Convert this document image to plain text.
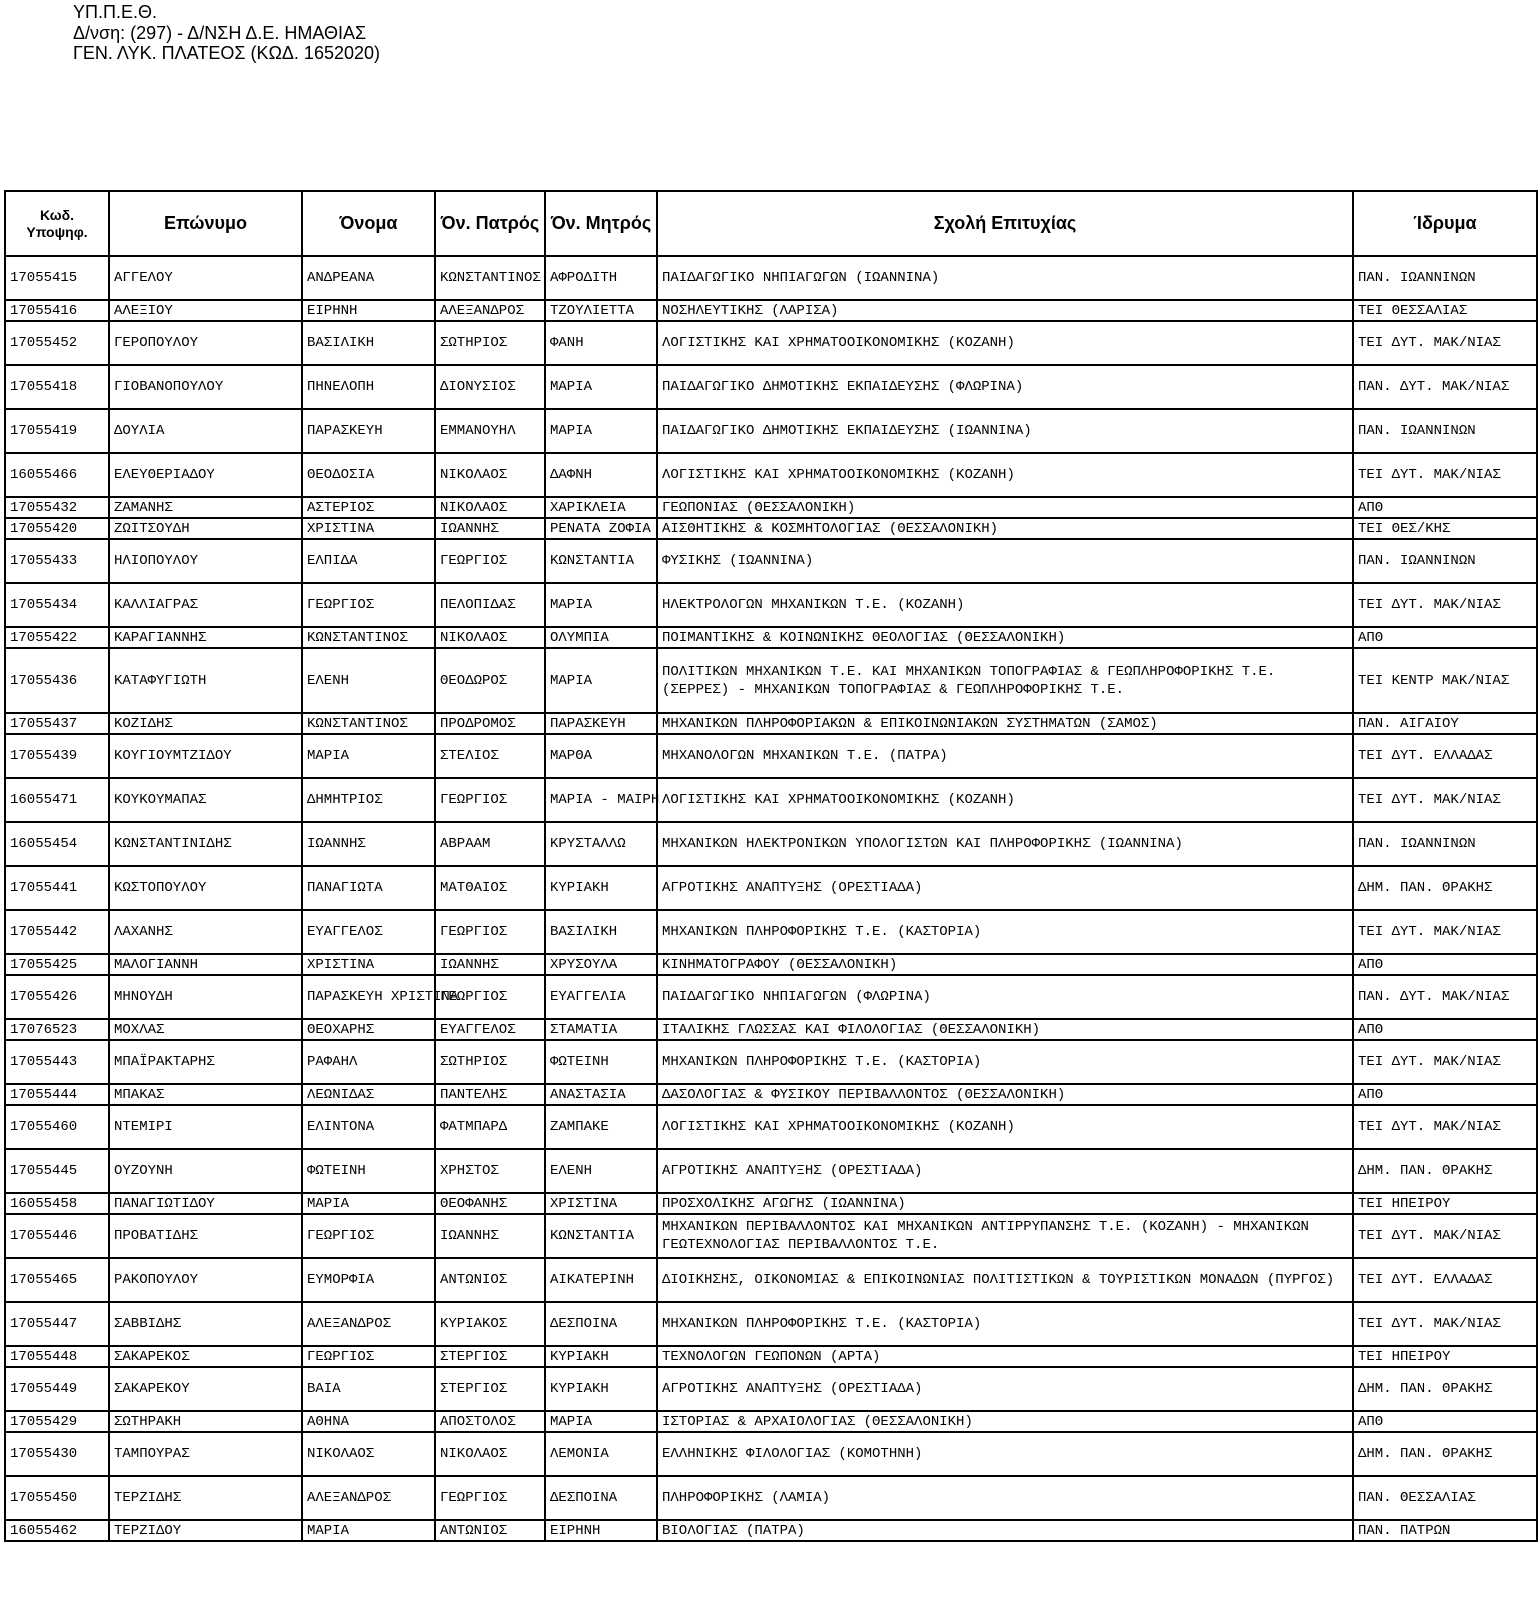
ΥΠ.Π.Ε.Θ.
Δ/νση: (297) - Δ/ΝΣΗ Δ.Ε. ΗΜΑΘΙΑΣ
ΓΕΝ. ΛΥΚ. ΠΛΑΤΕΟΣ (ΚΩΔ. 1652020)
Κωδ. Υποψηφ.	Επώνυμο	Όνομα	Όν. Πατρός	Όν. Μητρός	Σχολή Επιτυχίας	Ίδρυμα
17055415	ΑΓΓΕΛΟΥ	ΑΝΔΡΕΑΝΑ	ΚΩΝΣΤΑΝΤΙΝΟΣ	ΑΦΡΟΔΙΤΗ	ΠΑΙΔΑΓΩΓΙΚΟ ΝΗΠΙΑΓΩΓΩΝ (ΙΩΑΝΝΙΝΑ)	ΠΑΝ. ΙΩΑΝΝΙΝΩΝ
17055416	ΑΛΕΞΙΟΥ	ΕΙΡΗΝΗ	ΑΛΕΞΑΝΔΡΟΣ	ΤΖΟΥΛΙΕΤΤΑ	ΝΟΣΗΛΕΥΤΙΚΗΣ (ΛΑΡΙΣΑ)	ΤΕΙ ΘΕΣΣΑΛΙΑΣ
17055452	ΓΕΡΟΠΟΥΛΟΥ	ΒΑΣΙΛΙΚΗ	ΣΩΤΗΡΙΟΣ	ΦΑΝΗ	ΛΟΓΙΣΤΙΚΗΣ ΚΑΙ ΧΡΗΜΑΤΟΟΙΚΟΝΟΜΙΚΗΣ (ΚΟΖΑΝΗ)	ΤΕΙ ΔΥΤ. ΜΑΚ/ΝΙΑΣ
17055418	ΓΙΟΒΑΝΟΠΟΥΛΟΥ	ΠΗΝΕΛΟΠΗ	ΔΙΟΝΥΣΙΟΣ	ΜΑΡΙΑ	ΠΑΙΔΑΓΩΓΙΚΟ ΔΗΜΟΤΙΚΗΣ ΕΚΠΑΙΔΕΥΣΗΣ (ΦΛΩΡΙΝΑ)	ΠΑΝ. ΔΥΤ. ΜΑΚ/ΝΙΑΣ
17055419	ΔΟΥΛΙΑ	ΠΑΡΑΣΚΕΥΗ	ΕΜΜΑΝΟΥΗΛ	ΜΑΡΙΑ	ΠΑΙΔΑΓΩΓΙΚΟ ΔΗΜΟΤΙΚΗΣ ΕΚΠΑΙΔΕΥΣΗΣ (ΙΩΑΝΝΙΝΑ)	ΠΑΝ. ΙΩΑΝΝΙΝΩΝ
16055466	ΕΛΕΥΘΕΡΙΑΔΟΥ	ΘΕΟΔΟΣΙΑ	ΝΙΚΟΛΑΟΣ	ΔΑΦΝΗ	ΛΟΓΙΣΤΙΚΗΣ ΚΑΙ ΧΡΗΜΑΤΟΟΙΚΟΝΟΜΙΚΗΣ (ΚΟΖΑΝΗ)	ΤΕΙ ΔΥΤ. ΜΑΚ/ΝΙΑΣ
17055432	ΖΑΜΑΝΗΣ	ΑΣΤΕΡΙΟΣ	ΝΙΚΟΛΑΟΣ	ΧΑΡΙΚΛΕΙΑ	ΓΕΩΠΟΝΙΑΣ (ΘΕΣΣΑΛΟΝΙΚΗ)	ΑΠΘ
17055420	ΖΩΙΤΣΟΥΔΗ	ΧΡΙΣΤΙΝΑ	ΙΩΑΝΝΗΣ	ΡΕΝΑΤΑ ΖΟΦΙΑ	ΑΙΣΘΗΤΙΚΗΣ & ΚΟΣΜΗΤΟΛΟΓΙΑΣ (ΘΕΣΣΑΛΟΝΙΚΗ)	ΤΕΙ ΘΕΣ/ΚΗΣ
17055433	ΗΛΙΟΠΟΥΛΟΥ	ΕΛΠΙΔΑ	ΓΕΩΡΓΙΟΣ	ΚΩΝΣΤΑΝΤΙΑ	ΦΥΣΙΚΗΣ (ΙΩΑΝΝΙΝΑ)	ΠΑΝ. ΙΩΑΝΝΙΝΩΝ
17055434	ΚΑΛΛΙΑΓΡΑΣ	ΓΕΩΡΓΙΟΣ	ΠΕΛΟΠΙΔΑΣ	ΜΑΡΙΑ	ΗΛΕΚΤΡΟΛΟΓΩΝ ΜΗΧΑΝΙΚΩΝ Τ.Ε. (ΚΟΖΑΝΗ)	ΤΕΙ ΔΥΤ. ΜΑΚ/ΝΙΑΣ
17055422	ΚΑΡΑΓΙΑΝΝΗΣ	ΚΩΝΣΤΑΝΤΙΝΟΣ	ΝΙΚΟΛΑΟΣ	ΟΛΥΜΠΙΑ	ΠΟΙΜΑΝΤΙΚΗΣ & ΚΟΙΝΩΝΙΚΗΣ ΘΕΟΛΟΓΙΑΣ (ΘΕΣΣΑΛΟΝΙΚΗ)	ΑΠΘ
17055436	ΚΑΤΑΦΥΓΙΩΤΗ	ΕΛΕΝΗ	ΘΕΟΔΩΡΟΣ	ΜΑΡΙΑ	ΠΟΛΙΤΙΚΩΝ ΜΗΧΑΝΙΚΩΝ Τ.Ε. ΚΑΙ ΜΗΧΑΝΙΚΩΝ ΤΟΠΟΓΡΑΦΙΑΣ & ΓΕΩΠΛΗΡΟΦΟΡΙΚΗΣ Τ.Ε. (ΣΕΡΡΕΣ) - ΜΗΧΑΝΙΚΩΝ ΤΟΠΟΓΡΑΦΙΑΣ & ΓΕΩΠΛΗΡΟΦΟΡΙΚΗΣ Τ.Ε.	ΤΕΙ ΚΕΝΤΡ ΜΑΚ/ΝΙΑΣ
17055437	ΚΟΖΙΔΗΣ	ΚΩΝΣΤΑΝΤΙΝΟΣ	ΠΡΟΔΡΟΜΟΣ	ΠΑΡΑΣΚΕΥΗ	ΜΗΧΑΝΙΚΩΝ ΠΛΗΡΟΦΟΡΙΑΚΩΝ & ΕΠΙΚΟΙΝΩΝΙΑΚΩΝ ΣΥΣΤΗΜΑΤΩΝ (ΣΑΜΟΣ)	ΠΑΝ. ΑΙΓΑΙΟΥ
17055439	ΚΟΥΓΙΟΥΜΤΖΙΔΟΥ	ΜΑΡΙΑ	ΣΤΕΛΙΟΣ	ΜΑΡΘΑ	ΜΗΧΑΝΟΛΟΓΩΝ ΜΗΧΑΝΙΚΩΝ Τ.Ε. (ΠΑΤΡΑ)	ΤΕΙ ΔΥΤ. ΕΛΛΑΔΑΣ
16055471	ΚΟΥΚΟΥΜΑΠΑΣ	ΔΗΜΗΤΡΙΟΣ	ΓΕΩΡΓΙΟΣ	ΜΑΡΙΑ - ΜΑΙΡΗ	ΛΟΓΙΣΤΙΚΗΣ ΚΑΙ ΧΡΗΜΑΤΟΟΙΚΟΝΟΜΙΚΗΣ (ΚΟΖΑΝΗ)	ΤΕΙ ΔΥΤ. ΜΑΚ/ΝΙΑΣ
16055454	ΚΩΝΣΤΑΝΤΙΝΙΔΗΣ	ΙΩΑΝΝΗΣ	ΑΒΡΑΑΜ	ΚΡΥΣΤΑΛΛΩ	ΜΗΧΑΝΙΚΩΝ ΗΛΕΚΤΡΟΝΙΚΩΝ ΥΠΟΛΟΓΙΣΤΩΝ ΚΑΙ ΠΛΗΡΟΦΟΡΙΚΗΣ (ΙΩΑΝΝΙΝΑ)	ΠΑΝ. ΙΩΑΝΝΙΝΩΝ
17055441	ΚΩΣΤΟΠΟΥΛΟΥ	ΠΑΝΑΓΙΩΤΑ	ΜΑΤΘΑΙΟΣ	ΚΥΡΙΑΚΗ	ΑΓΡΟΤΙΚΗΣ ΑΝΑΠΤΥΞΗΣ (ΟΡΕΣΤΙΑΔΑ)	ΔΗΜ. ΠΑΝ. ΘΡΑΚΗΣ
17055442	ΛΑΧΑΝΗΣ	ΕΥΑΓΓΕΛΟΣ	ΓΕΩΡΓΙΟΣ	ΒΑΣΙΛΙΚΗ	ΜΗΧΑΝΙΚΩΝ ΠΛΗΡΟΦΟΡΙΚΗΣ Τ.Ε. (ΚΑΣΤΟΡΙΑ)	ΤΕΙ ΔΥΤ. ΜΑΚ/ΝΙΑΣ
17055425	ΜΑΛΟΓΙΑΝΝΗ	ΧΡΙΣΤΙΝΑ	ΙΩΑΝΝΗΣ	ΧΡΥΣΟΥΛΑ	ΚΙΝΗΜΑΤΟΓΡΑΦΟΥ (ΘΕΣΣΑΛΟΝΙΚΗ)	ΑΠΘ
17055426	ΜΗΝΟΥΔΗ	ΠΑΡΑΣΚΕΥΗ ΧΡΙΣΤΙΝΑ	ΓΕΩΡΓΙΟΣ	ΕΥΑΓΓΕΛΙΑ	ΠΑΙΔΑΓΩΓΙΚΟ ΝΗΠΙΑΓΩΓΩΝ (ΦΛΩΡΙΝΑ)	ΠΑΝ. ΔΥΤ. ΜΑΚ/ΝΙΑΣ
17076523	ΜΟΧΛΑΣ	ΘΕΟΧΑΡΗΣ	ΕΥΑΓΓΕΛΟΣ	ΣΤΑΜΑΤΙΑ	ΙΤΑΛΙΚΗΣ ΓΛΩΣΣΑΣ ΚΑΙ ΦΙΛΟΛΟΓΙΑΣ (ΘΕΣΣΑΛΟΝΙΚΗ)	ΑΠΘ
17055443	ΜΠΑΪΡΑΚΤΑΡΗΣ	ΡΑΦΑΗΛ	ΣΩΤΗΡΙΟΣ	ΦΩΤΕΙΝΗ	ΜΗΧΑΝΙΚΩΝ ΠΛΗΡΟΦΟΡΙΚΗΣ Τ.Ε. (ΚΑΣΤΟΡΙΑ)	ΤΕΙ ΔΥΤ. ΜΑΚ/ΝΙΑΣ
17055444	ΜΠΑΚΑΣ	ΛΕΩΝΙΔΑΣ	ΠΑΝΤΕΛΗΣ	ΑΝΑΣΤΑΣΙΑ	ΔΑΣΟΛΟΓΙΑΣ & ΦΥΣΙΚΟΥ ΠΕΡΙΒΑΛΛΟΝΤΟΣ (ΘΕΣΣΑΛΟΝΙΚΗ)	ΑΠΘ
17055460	ΝΤΕΜΙΡΙ	ΕΛΙΝΤΟΝΑ	ΦΑΤΜΠΑΡΔ	ΖΑΜΠΑΚΕ	ΛΟΓΙΣΤΙΚΗΣ ΚΑΙ ΧΡΗΜΑΤΟΟΙΚΟΝΟΜΙΚΗΣ (ΚΟΖΑΝΗ)	ΤΕΙ ΔΥΤ. ΜΑΚ/ΝΙΑΣ
17055445	ΟΥΖΟΥΝΗ	ΦΩΤΕΙΝΗ	ΧΡΗΣΤΟΣ	ΕΛΕΝΗ	ΑΓΡΟΤΙΚΗΣ ΑΝΑΠΤΥΞΗΣ (ΟΡΕΣΤΙΑΔΑ)	ΔΗΜ. ΠΑΝ. ΘΡΑΚΗΣ
16055458	ΠΑΝΑΓΙΩΤΙΔΟΥ	ΜΑΡΙΑ	ΘΕΟΦΑΝΗΣ	ΧΡΙΣΤΙΝΑ	ΠΡΟΣΧΟΛΙΚΗΣ ΑΓΩΓΗΣ (ΙΩΑΝΝΙΝΑ)	ΤΕΙ ΗΠΕΙΡΟΥ
17055446	ΠΡΟΒΑΤΙΔΗΣ	ΓΕΩΡΓΙΟΣ	ΙΩΑΝΝΗΣ	ΚΩΝΣΤΑΝΤΙΑ	ΜΗΧΑΝΙΚΩΝ ΠΕΡΙΒΑΛΛΟΝΤΟΣ ΚΑΙ ΜΗΧΑΝΙΚΩΝ ΑΝΤΙΡΡΥΠΑΝΣΗΣ Τ.Ε. (ΚΟΖΑΝΗ) - ΜΗΧΑΝΙΚΩΝ ΓΕΩΤΕΧΝΟΛΟΓΙΑΣ ΠΕΡΙΒΑΛΛΟΝΤΟΣ Τ.Ε.	ΤΕΙ ΔΥΤ. ΜΑΚ/ΝΙΑΣ
17055465	ΡΑΚΟΠΟΥΛΟΥ	ΕΥΜΟΡΦΙΑ	ΑΝΤΩΝΙΟΣ	ΑΙΚΑΤΕΡΙΝΗ	ΔΙΟΙΚΗΣΗΣ, ΟΙΚΟΝΟΜΙΑΣ & ΕΠΙΚΟΙΝΩΝΙΑΣ ΠΟΛΙΤΙΣΤΙΚΩΝ & ΤΟΥΡΙΣΤΙΚΩΝ ΜΟΝΑΔΩΝ (ΠΥΡΓΟΣ)	ΤΕΙ ΔΥΤ. ΕΛΛΑΔΑΣ
17055447	ΣΑΒΒΙΔΗΣ	ΑΛΕΞΑΝΔΡΟΣ	ΚΥΡΙΑΚΟΣ	ΔΕΣΠΟΙΝΑ	ΜΗΧΑΝΙΚΩΝ ΠΛΗΡΟΦΟΡΙΚΗΣ Τ.Ε. (ΚΑΣΤΟΡΙΑ)	ΤΕΙ ΔΥΤ. ΜΑΚ/ΝΙΑΣ
17055448	ΣΑΚΑΡΕΚΟΣ	ΓΕΩΡΓΙΟΣ	ΣΤΕΡΓΙΟΣ	ΚΥΡΙΑΚΗ	ΤΕΧΝΟΛΟΓΩΝ ΓΕΩΠΟΝΩΝ (ΑΡΤΑ)	ΤΕΙ ΗΠΕΙΡΟΥ
17055449	ΣΑΚΑΡΕΚΟΥ	ΒΑΙΑ	ΣΤΕΡΓΙΟΣ	ΚΥΡΙΑΚΗ	ΑΓΡΟΤΙΚΗΣ ΑΝΑΠΤΥΞΗΣ (ΟΡΕΣΤΙΑΔΑ)	ΔΗΜ. ΠΑΝ. ΘΡΑΚΗΣ
17055429	ΣΩΤΗΡΑΚΗ	ΑΘΗΝΑ	ΑΠΟΣΤΟΛΟΣ	ΜΑΡΙΑ	ΙΣΤΟΡΙΑΣ & ΑΡΧΑΙΟΛΟΓΙΑΣ (ΘΕΣΣΑΛΟΝΙΚΗ)	ΑΠΘ
17055430	ΤΑΜΠΟΥΡΑΣ	ΝΙΚΟΛΑΟΣ	ΝΙΚΟΛΑΟΣ	ΛΕΜΟΝΙΑ	ΕΛΛΗΝΙΚΗΣ ΦΙΛΟΛΟΓΙΑΣ (ΚΟΜΟΤΗΝΗ)	ΔΗΜ. ΠΑΝ. ΘΡΑΚΗΣ
17055450	ΤΕΡΖΙΔΗΣ	ΑΛΕΞΑΝΔΡΟΣ	ΓΕΩΡΓΙΟΣ	ΔΕΣΠΟΙΝΑ	ΠΛΗΡΟΦΟΡΙΚΗΣ (ΛΑΜΙΑ)	ΠΑΝ. ΘΕΣΣΑΛΙΑΣ
16055462	ΤΕΡΖΙΔΟΥ	ΜΑΡΙΑ	ΑΝΤΩΝΙΟΣ	ΕΙΡΗΝΗ	ΒΙΟΛΟΓΙΑΣ (ΠΑΤΡΑ)	ΠΑΝ. ΠΑΤΡΩΝ
